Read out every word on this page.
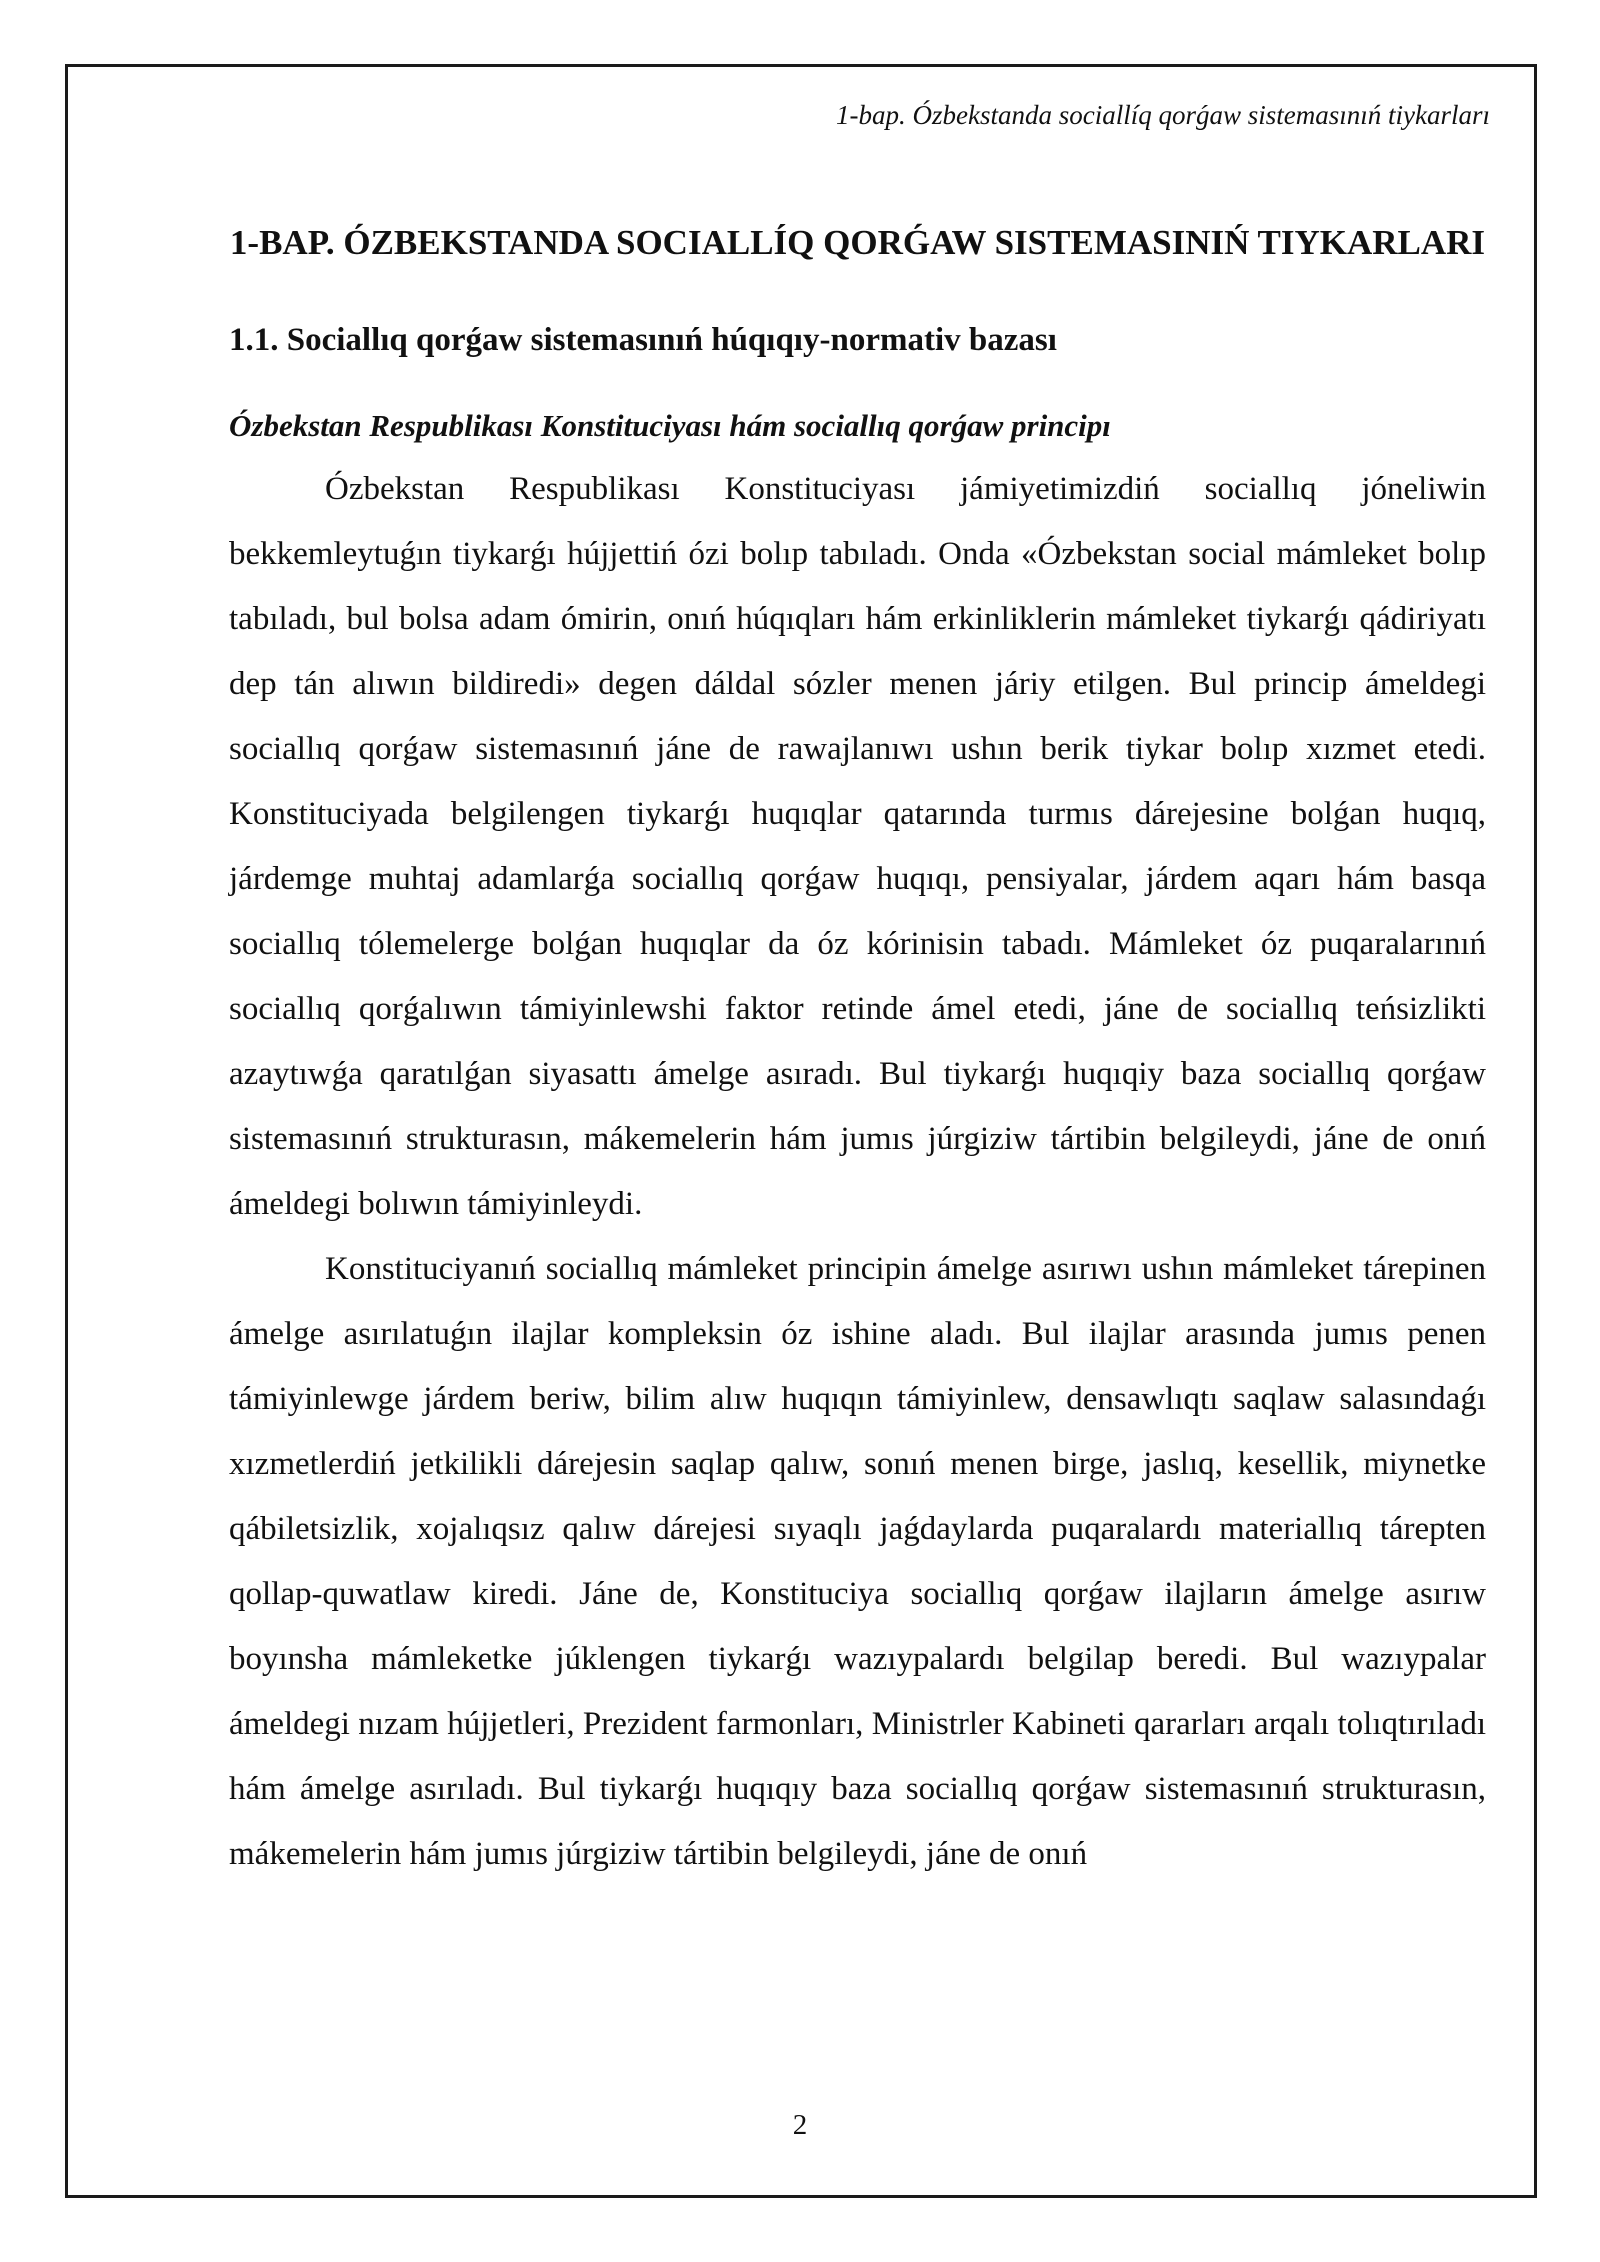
1-bap. Ózbekstanda sociallíq qorǵaw sistemasınıń tiykarları
1-BAP. ÓZBEKSTANDA SOCIALLÍQ QORǴAW SISTEMASINIŃ TIYKARLARI
1.1. Sociallıq qorǵaw sistemasınıń húqıqıy-normativ bazası
Ózbekstan Respublikası Konstituciyası hám sociallıq qorǵaw principı

Ózbekstan Respublikası Konstituciyası jámiyetimizdiń sociallıq jóneliwin bekkemleytuǵın tiykarǵı hújjettiń ózi bolıp tabıladı. Onda «Ózbekstan social mámleket bolıp tabıladı, bul bolsa adam ómirin, onıń húqıqları hám erkinliklerin mámleket tiykarǵı qádiriyatı dep tán alıwın bildiredi» degen dáldal sózler menen járiy etilgen. Bul princip ámeldegi sociallıq qorǵaw sistemasınıń jáne de rawajlanıwı ushın berik tiykar bolıp xızmet etedi. Konstituciyada belgilengen tiykarǵı huqıqlar qatarında turmıs dárejesine bolǵan huqıq, járdemge muhtaj adamlarǵa sociallıq qorǵaw huqıqı, pensiyalar, járdem aqarı hám basqa sociallıq tólemelerge bolǵan huqıqlar da óz kórinisin tabadı. Mámleket óz puqaralarınıń sociallıq qorǵalıwın támiyinlewshi faktor retinde ámel etedi, jáne de sociallıq teńsizlikti azaytıwǵa qaratılǵan siyasattı ámelge asıradı. Bul tiykarǵı huqıqiy baza sociallıq qorǵaw sistemasınıń strukturasın, mákemelerin hám jumıs júrgiziw tártibin belgileydi, jáne de onıń ámeldegi bolıwın támiyinleydi.

Konstituciyanıń sociallıq mámleket principin ámelge asırıwı ushın mámleket tárepinen ámelge asırılatuǵın ilajlar kompleksin óz ishine aladı. Bul ilajlar arasında jumıs penen támiyinlewge járdem beriw, bilim alıw huqıqın támiyinlew, densawlıqtı saqlaw salasındaǵı xızmetlerdiń jetkilikli dárejesin saqlap qalıw, sonıń menen birge, jaslıq, kesellik, miynetke qábiletsizlik, xojalıqsız qalıw dárejesi sıyaqlı jaǵdaylarda puqaralardı materiallıq tárepten qollap-quwatlaw kiredi. Jáne de, Konstituciya sociallıq qorǵaw ilajların ámelge asırıw boyınsha mámleketke júklengen tiykarǵı wazıypalardı belgilap beredi. Bul wazıypalar ámeldegi nızam hújjetleri, Prezident farmonları, Ministrler Kabineti qararları arqalı tolıqtırıladı hám ámelge asırıladı. Bul tiykarǵı huqıqıy baza sociallıq qorǵaw sistemasınıń strukturasın, mákemelerin hám jumıs júrgiziw tártibin belgileydi, jáne de onıń

2
